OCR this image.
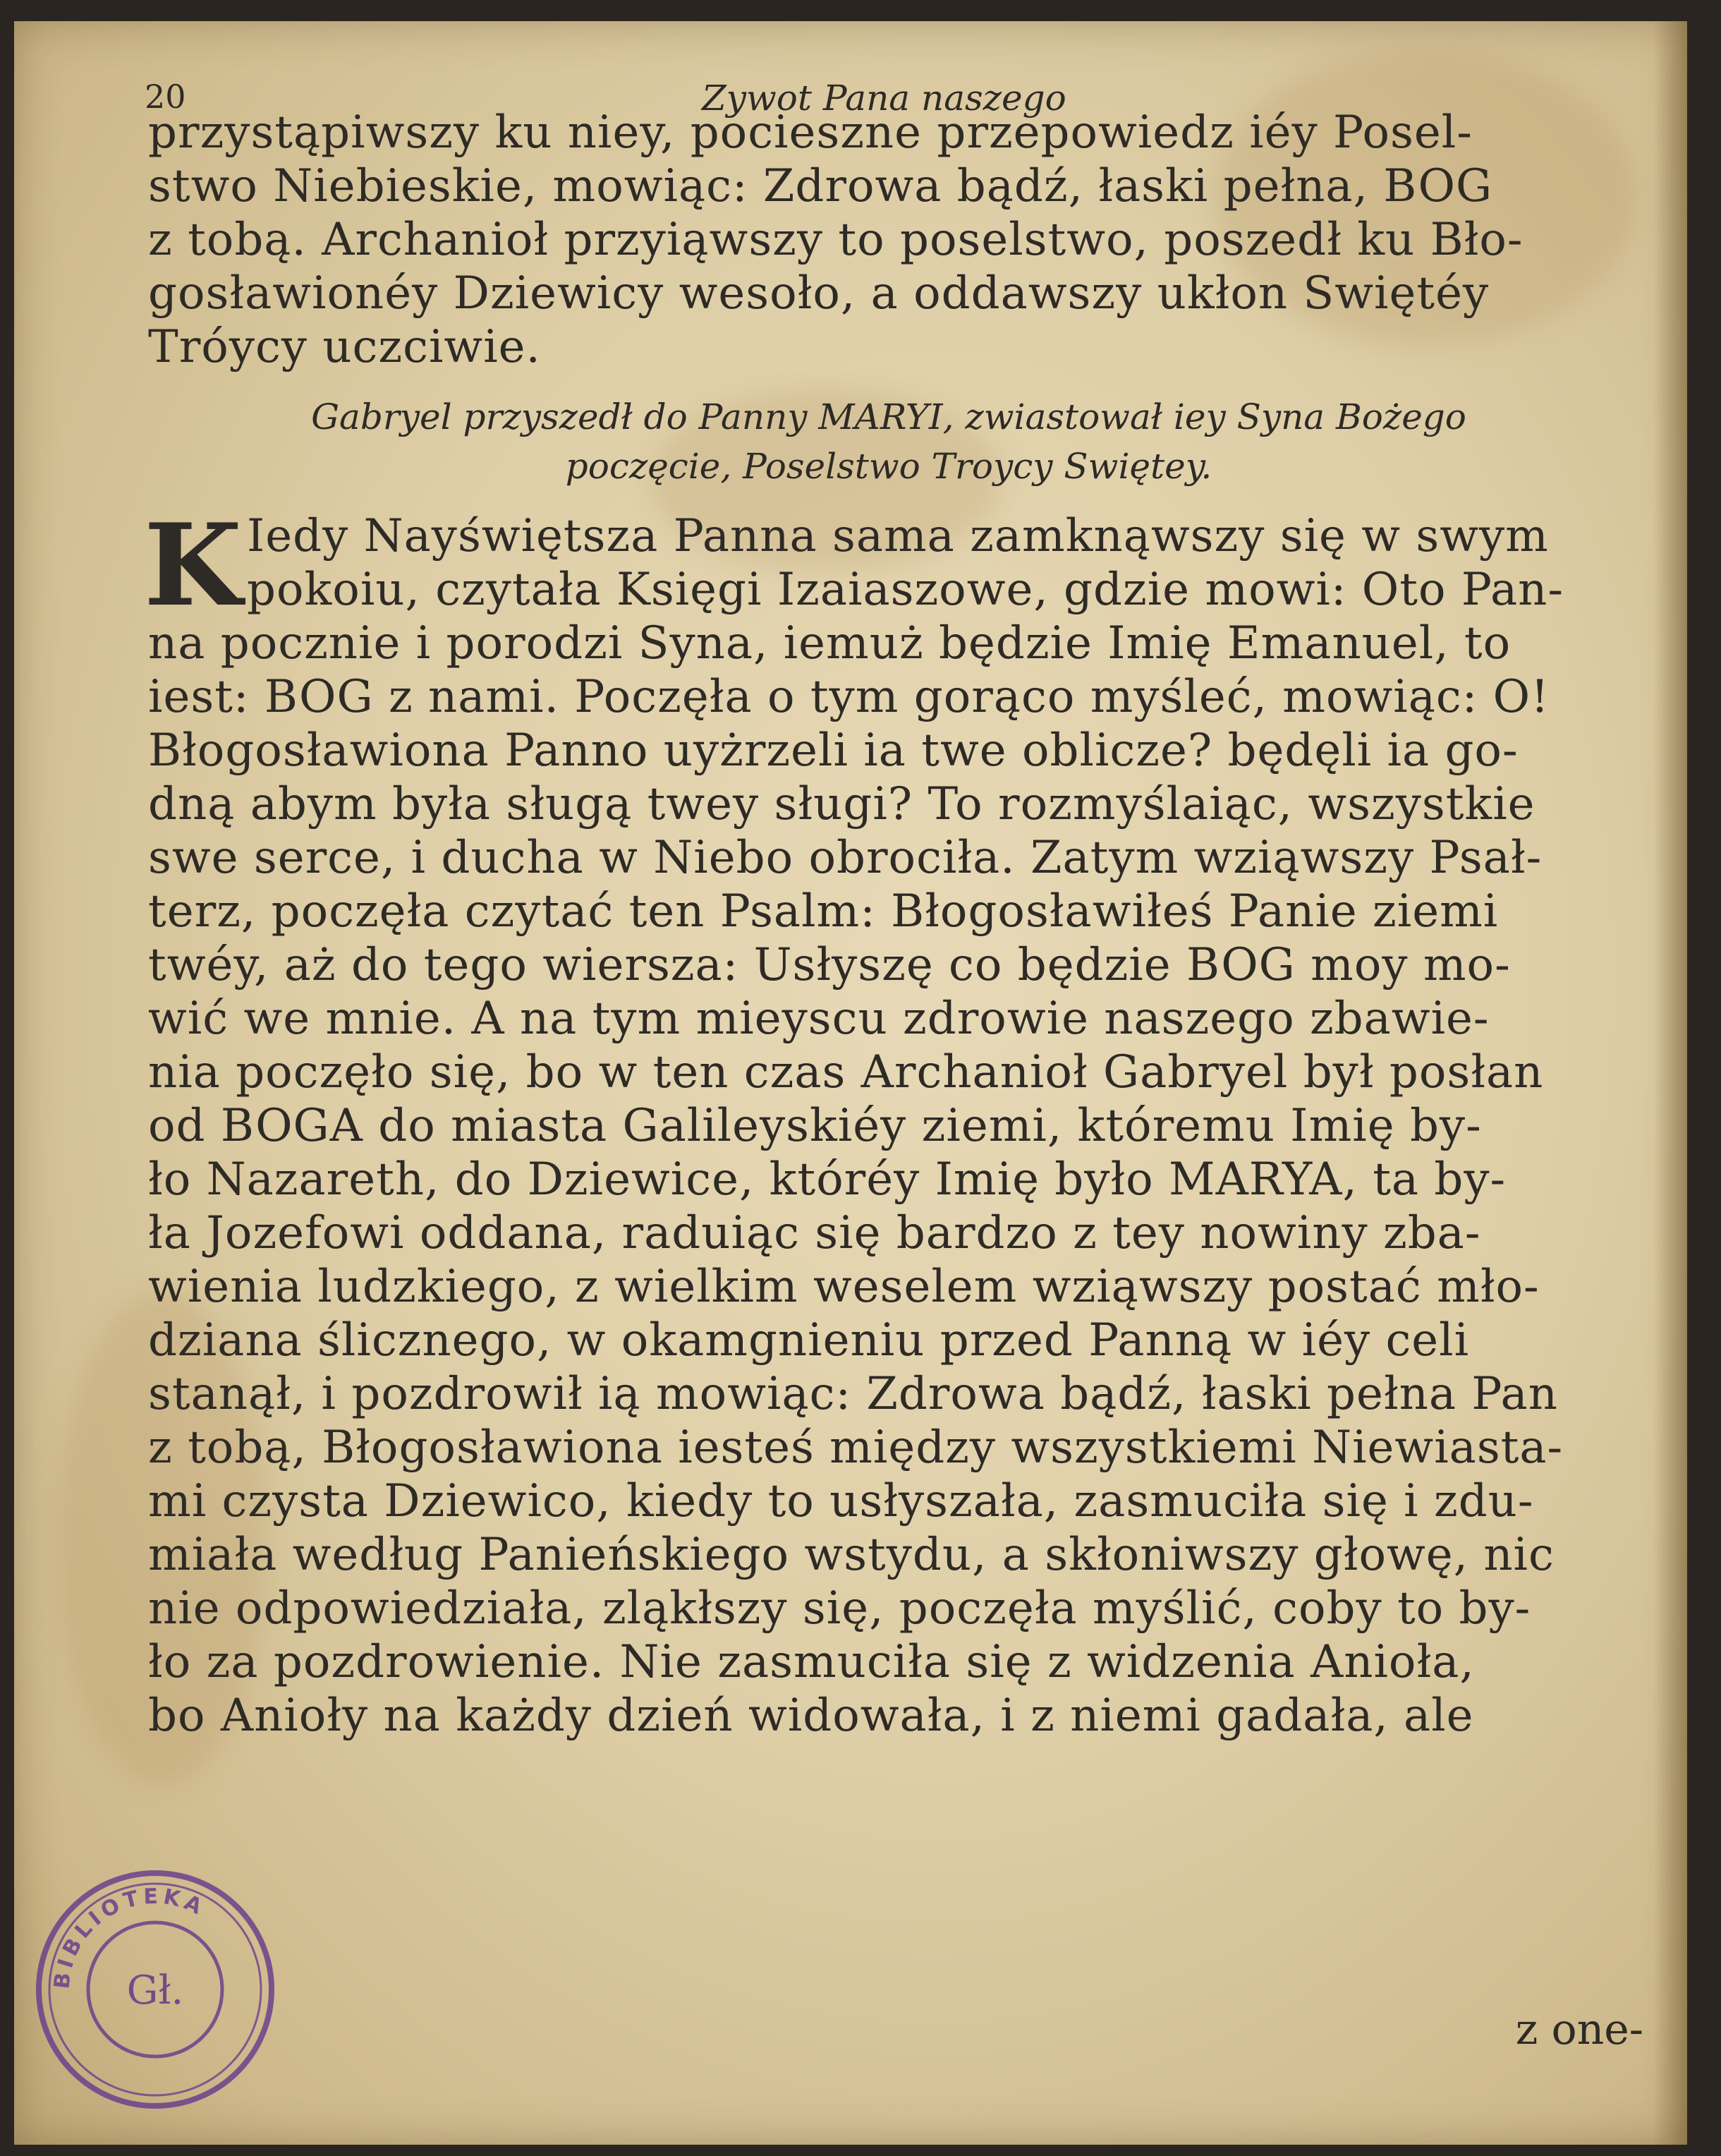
20	Zywot Pana naszego
przystąpiwszy ku niey, pocieszne przepowiedz iéy Posel-
stwo Niebieskie, mowiąc: Zdrowa bądź, łaski pełna, BOG
z tobą. Archanioł przyiąwszy to poselstwo, poszedł ku Bło-
gosławionéy Dziewicy wesoło, a oddawszy ukłon Swiętéy
Tróycy uczciwie.
Gabryel przyszedł do Panny MARYI, zwiastował iey Syna Bożego
poczęcie, Poselstwo Troycy Swiętey.
K Iedy Nayświętsza Panna sama zamknąwszy się w swym
pokoiu, czytała Księgi Izaiaszowe, gdzie mowi: Oto Pan-
na pocznie i porodzi Syna, iemuż będzie Imię Emanuel, to
iest: BOG z nami. Poczęła o tym gorąco myśleć, mowiąc: O!
Błogosławiona Panno uyżrzeli ia twe oblicze? będęli ia go-
dną abym była sługą twey sługi? To rozmyślaiąc, wszystkie
swe serce, i ducha w Niebo obrociła. Zatym wziąwszy Psał-
terz, poczęła czytać ten Psalm: Błogosławiłeś Panie ziemi
twéy, aż do tego wiersza: Usłyszę co będzie BOG moy mo-
wić we mnie. A na tym mieyscu zdrowie naszego zbawie-
nia poczęło się, bo w ten czas Archanioł Gabryel był posłan
od BOGA do miasta Galileyskiéy ziemi, któremu Imię by-
ło Nazareth, do Dziewice, któréy Imię było MARYA, ta by-
ła Jozefowi oddana, raduiąc się bardzo z tey nowiny zba-
wienia ludzkiego, z wielkim weselem wziąwszy postać mło-
dziana ślicznego, w okamgnieniu przed Panną w iéy celi
stanął, i pozdrowił ią mowiąc: Zdrowa bądź, łaski pełna Pan
z tobą, Błogosławiona iesteś między wszystkiemi Niewiasta-
mi czysta Dziewico, kiedy to usłyszała, zasmuciła się i zdu-
miała według Panieńskiego wstydu, a skłoniwszy głowę, nic
nie odpowiedziała, zląkłszy się, poczęła myślić, coby to by-
ło za pozdrowienie. Nie zasmuciła się z widzenia Anioła,
bo Anioły na każdy dzień widowała, i z niemi gadała, ale
z one-
BIBLIOTEKA
Gł.
